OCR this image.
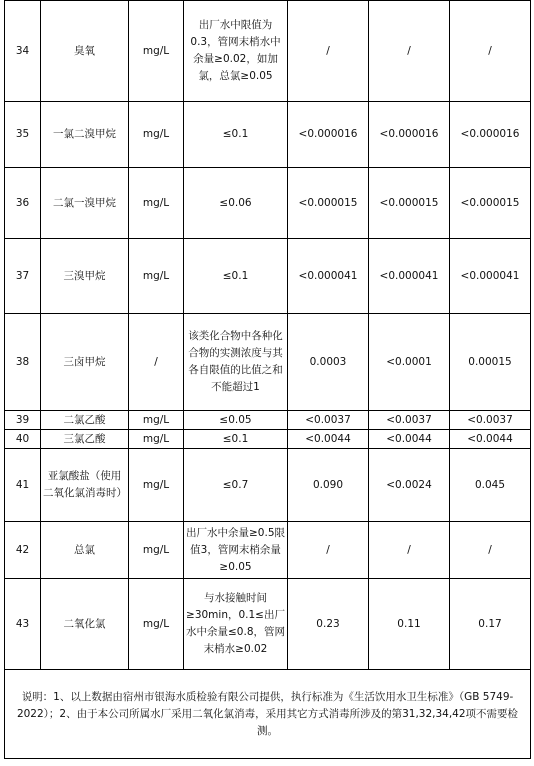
34	臭氧	mg/L	出厂水中限值为0.3，管网末梢水中余量≥0.02，如加氯，总氯≥0.05	/	/	/
35	一氯二溴甲烷	mg/L	≤0.1	<0.000016	<0.000016	<0.000016
36	二氯一溴甲烷	mg/L	≤0.06	<0.000015	<0.000015	<0.000015
37	三溴甲烷	mg/L	≤0.1	<0.000041	<0.000041	<0.000041
38	三卤甲烷	/	该类化合物中各种化合物的实测浓度与其各自限值的比值之和不能超过1	0.0003	<0.0001	0.00015
39	二氯乙酸	mg/L	≤0.05	<0.0037	<0.0037	<0.0037
40	三氯乙酸	mg/L	≤0.1	<0.0044	<0.0044	<0.0044
41	亚氯酸盐（使用二氧化氯消毒时）	mg/L	≤0.7	0.090	<0.0024	0.045
42	总氯	mg/L	出厂水中余量≥0.5限值3，管网末梢余量≥0.05	/	/	/
43	二氧化氯	mg/L	与水接触时间≥30min，0.1≤出厂水中余量≤0.8，管网末梢水≥0.02	0.23	0.11	0.17

说明：1、以上数据由宿州市银海水质检验有限公司提供，执行标准为《生活饮用水卫生标准》（GB 5749-2022）；2、由于本公司所属水厂采用二氧化氯消毒，采用其它方式消毒所涉及的第31,32,34,42项不需要检测。						
